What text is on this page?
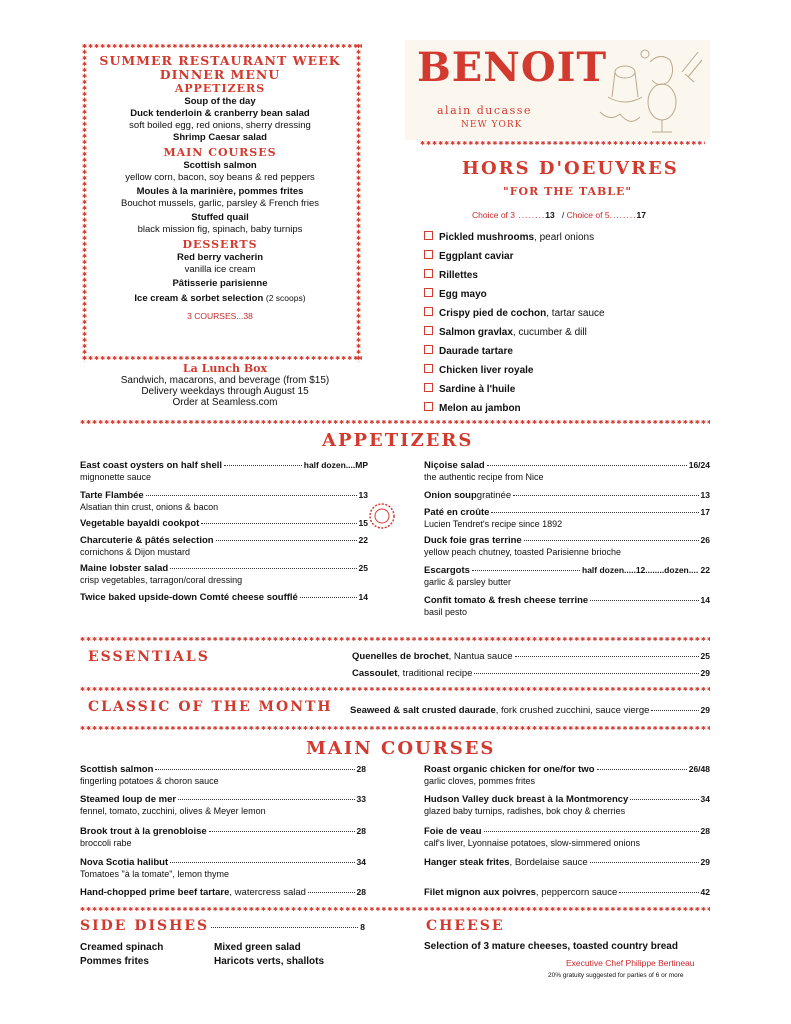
✱✱✱✱✱✱✱✱✱✱✱✱✱✱✱✱✱✱✱✱✱✱✱✱✱✱✱✱✱✱✱✱✱✱✱✱✱✱✱✱✱✱✱✱✱✱✱✱✱✱✱✱✱✱✱✱✱✱✱✱✱✱✱✱✱✱✱✱✱✱✱✱✱✱✱✱✱✱✱✱✱✱✱✱✱✱✱✱✱✱✱✱✱✱✱✱✱✱✱✱✱✱✱✱✱✱✱✱✱✱✱✱✱✱✱✱✱✱
✱✱✱✱✱✱✱✱✱✱✱✱✱✱✱✱✱✱✱✱✱✱✱✱✱✱✱✱✱✱✱✱✱✱✱✱✱✱✱✱✱✱✱✱✱✱✱✱✱✱✱✱✱✱✱✱✱✱✱✱✱✱✱✱✱✱✱✱✱✱✱✱✱✱✱✱✱✱✱✱✱✱✱✱✱✱✱✱✱✱✱✱✱✱✱✱✱✱✱✱✱✱✱✱✱✱✱✱✱✱✱✱✱✱✱✱✱✱
✱✱✱✱✱✱✱✱✱✱✱✱✱✱✱✱✱✱✱✱✱✱✱✱✱✱✱✱✱✱✱✱✱✱✱✱✱✱✱✱✱✱✱✱✱✱✱✱✱✱✱✱✱✱✱✱✱✱✱✱✱✱✱✱✱✱✱✱✱✱✱✱
✱✱✱✱✱✱✱✱✱✱✱✱✱✱✱✱✱✱✱✱✱✱✱✱✱✱✱✱✱✱✱✱✱✱✱✱✱✱✱✱✱✱✱✱✱✱✱✱✱✱✱✱✱✱✱✱✱✱✱✱✱✱✱✱✱✱✱✱✱✱✱✱
SUMMER RESTAURANT WEEK
DINNER MENU
APPETIZERS
Soup of the day
Duck tenderloin & cranberry bean salad
soft boiled egg, red onions, sherry dressing
Shrimp Caesar salad
MAIN COURSES
Scottish salmon
yellow corn, bacon, soy beans & red peppers
Moules à la marinière, pommes frites
Bouchot mussels, garlic, parsley & French fries
Stuffed quail
black mission fig, spinach, baby turnips
DESSERTS
Red berry vacherin
vanilla ice cream
Pâtisserie parisienne
Ice cream & sorbet selection (2 scoops)
3 COURSES...38
La Lunch Box
Sandwich, macarons, and beverage (from $15)
Delivery weekdays through August 15
Order at Seamless.com
BENOIT
alain ducasse
NEW YORK
✱✱✱✱✱✱✱✱✱✱✱✱✱✱✱✱✱✱✱✱✱✱✱✱✱✱✱✱✱✱✱✱✱✱✱✱✱✱✱✱✱✱✱✱✱✱✱✱✱✱✱✱✱✱✱✱✱✱✱✱✱✱✱✱✱✱✱✱✱✱✱✱✱✱✱✱✱✱✱✱✱✱✱✱✱✱✱✱✱✱✱✱✱✱✱✱✱✱✱✱✱✱✱✱✱✱✱✱✱✱✱✱✱✱✱✱✱✱
HORS D'OEUVRES
"FOR THE TABLE"
Choice of 3 ........13 / Choice of 5........17
Pickled mushrooms, pearl onions
Eggplant caviar
Rillettes
Egg mayo
Crispy pied de cochon, tartar sauce
Salmon gravlax, cucumber & dill
Daurade tartare
Chicken liver royale
Sardine à l'huile
Melon au jambon
✱✱✱✱✱✱✱✱✱✱✱✱✱✱✱✱✱✱✱✱✱✱✱✱✱✱✱✱✱✱✱✱✱✱✱✱✱✱✱✱✱✱✱✱✱✱✱✱✱✱✱✱✱✱✱✱✱✱✱✱✱✱✱✱✱✱✱✱✱✱✱✱✱✱✱✱✱✱✱✱✱✱✱✱✱✱✱✱✱✱✱✱✱✱✱✱✱✱✱✱✱✱✱✱✱✱✱✱✱✱✱✱✱✱✱✱✱✱
APPETIZERS
East coast oysters on half shell	half dozen....MP
mignonette sauce
Tarte Flambée	13
Alsatian thin crust, onions & bacon
Vegetable bayaldi cookpot	15
Charcuterie & pâtés selection	22
cornichons & Dijon mustard
Maine lobster salad	25
crisp vegetables, tarragon/coral dressing
Twice baked upside-down Comté cheese soufflé	14
Niçoise salad	16/24
the authentic recipe from Nice
Onion soup gratinée	13
Paté en croûte	17
Lucien Tendret's recipe since 1892
Duck foie gras terrine	26
yellow peach chutney, toasted Parisienne brioche
Escargots	half dozen.....12........dozen.... 22
garlic & parsley butter
Confit tomato & fresh cheese terrine	14
basil pesto
✱✱✱✱✱✱✱✱✱✱✱✱✱✱✱✱✱✱✱✱✱✱✱✱✱✱✱✱✱✱✱✱✱✱✱✱✱✱✱✱✱✱✱✱✱✱✱✱✱✱✱✱✱✱✱✱✱✱✱✱✱✱✱✱✱✱✱✱✱✱✱✱✱✱✱✱✱✱✱✱✱✱✱✱✱✱✱✱✱✱✱✱✱✱✱✱✱✱✱✱✱✱✱✱✱✱✱✱✱✱✱✱✱✱✱✱✱✱
ESSENTIALS	Quenelles de brochet , Nantua sauce	25
Cassoulet , traditional recipe	29
✱✱✱✱✱✱✱✱✱✱✱✱✱✱✱✱✱✱✱✱✱✱✱✱✱✱✱✱✱✱✱✱✱✱✱✱✱✱✱✱✱✱✱✱✱✱✱✱✱✱✱✱✱✱✱✱✱✱✱✱✱✱✱✱✱✱✱✱✱✱✱✱✱✱✱✱✱✱✱✱✱✱✱✱✱✱✱✱✱✱✱✱✱✱✱✱✱✱✱✱✱✱✱✱✱✱✱✱✱✱✱✱✱✱✱✱✱✱
CLASSIC OF THE MONTH Seaweed & salt crusted daurade , fork crushed zucchini, sauce vierge	29
✱✱✱✱✱✱✱✱✱✱✱✱✱✱✱✱✱✱✱✱✱✱✱✱✱✱✱✱✱✱✱✱✱✱✱✱✱✱✱✱✱✱✱✱✱✱✱✱✱✱✱✱✱✱✱✱✱✱✱✱✱✱✱✱✱✱✱✱✱✱✱✱✱✱✱✱✱✱✱✱✱✱✱✱✱✱✱✱✱✱✱✱✱✱✱✱✱✱✱✱✱✱✱✱✱✱✱✱✱✱✱✱✱✱✱✱✱✱
MAIN COURSES
Scottish salmon	28
fingerling potatoes & choron sauce
Steamed loup de mer	33
fennel, tomato, zucchini, olives & Meyer lemon
Brook trout à la grenobloise	28
broccoli rabe
Nova Scotia halibut	34
Tomatoes "à la tomate", lemon thyme
Hand-chopped prime beef tartare , watercress salad	28
Roast organic chicken for one/for two	26/48
garlic cloves, pommes frites
Hudson Valley duck breast à la Montmorency	34
glazed baby turnips, radishes, bok choy & cherries
Foie de veau	28
calf's liver, Lyonnaise potatoes, slow-simmered onions
Hanger steak frites , Bordelaise sauce	29
Filet mignon aux poivres , peppercorn sauce	42
✱✱✱✱✱✱✱✱✱✱✱✱✱✱✱✱✱✱✱✱✱✱✱✱✱✱✱✱✱✱✱✱✱✱✱✱✱✱✱✱✱✱✱✱✱✱✱✱✱✱✱✱✱✱✱✱✱✱✱✱✱✱✱✱✱✱✱✱✱✱✱✱✱✱✱✱✱✱✱✱✱✱✱✱✱✱✱✱✱✱✱✱✱✱✱✱✱✱✱✱✱✱✱✱✱✱✱✱✱✱✱✱✱✱✱✱✱✱
SIDE DISHES	8
Creamed spinach	Mixed green salad
Pommes frites	Haricots verts, shallots
CHEESE
Selection of 3 mature cheeses, toasted country bread
Executive Chef Philippe Bertineau
20% gratuity suggested for parties of 6 or more
